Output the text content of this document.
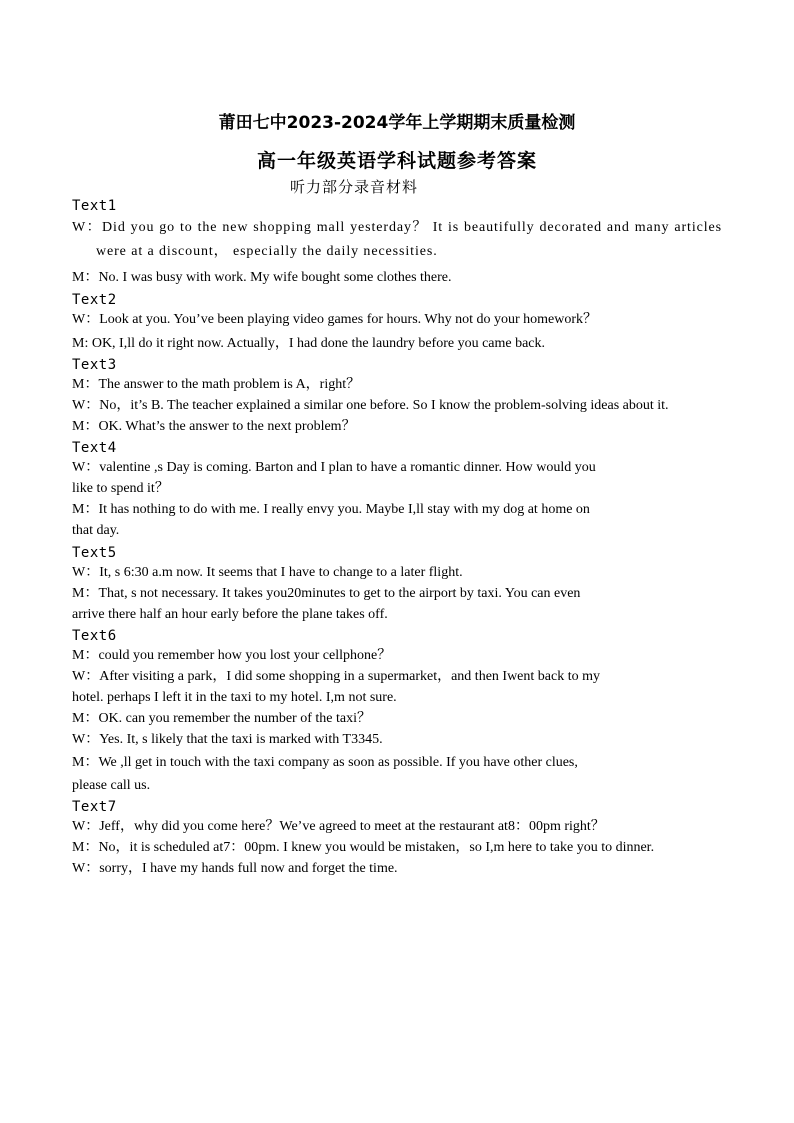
莆田七中2023-2024学年上学期期末质量检测
高一年级英语学科试题参考答案
听力部分录音材料

Text1

W：Did you go to the new shopping mall yesterday？ It is beautifully decorated and many articles were at a discount， especially the daily necessities.

M：No. I was busy with work. My wife bought some clothes there.

Text2

W：Look at you. You’ve been playing video games for hours. Why not do your homework？

M: OK, I,ll do it right now. Actually，I had done the laundry before you came back.

Text3

M：The answer to the math problem is A，right？

W：No，it’s B. The teacher explained a similar one before. So I know the problem-solving ideas about it.

M：OK. What’s the answer to the next problem？

Text4

W：valentine ,s Day is coming. Barton and I plan to have a romantic dinner. How would you

like to spend it？

M：It has nothing to do with me. I really envy you. Maybe I,ll stay with my dog at home on

that day.

Text5

W：It, s 6:30 a.m now. It seems that I have to change to a later flight.

M：That, s not necessary. It takes you20minutes to get to the airport by taxi. You can even

arrive there half an hour early before the plane takes off.

Text6

M：could you remember how you lost your cellphone？

W：After visiting a park，I did some shopping in a supermarket，and then Iwent back to my

hotel. perhaps I left it in the taxi to my hotel. I,m not sure.

M：OK. can you remember the number of the taxi？

W：Yes. It, s likely that the taxi is marked with T3345.

M：We ,ll get in touch with the taxi company as soon as possible. If you have other clues,

please call us.

Text7

W：Jeff，why did you come here？We’ve agreed to meet at the restaurant at8：00pm right？

M：No，it is scheduled at7：00pm. I knew you would be mistaken，so I,m here to take you to dinner.

W：sorry，I have my hands full now and forget the time.
